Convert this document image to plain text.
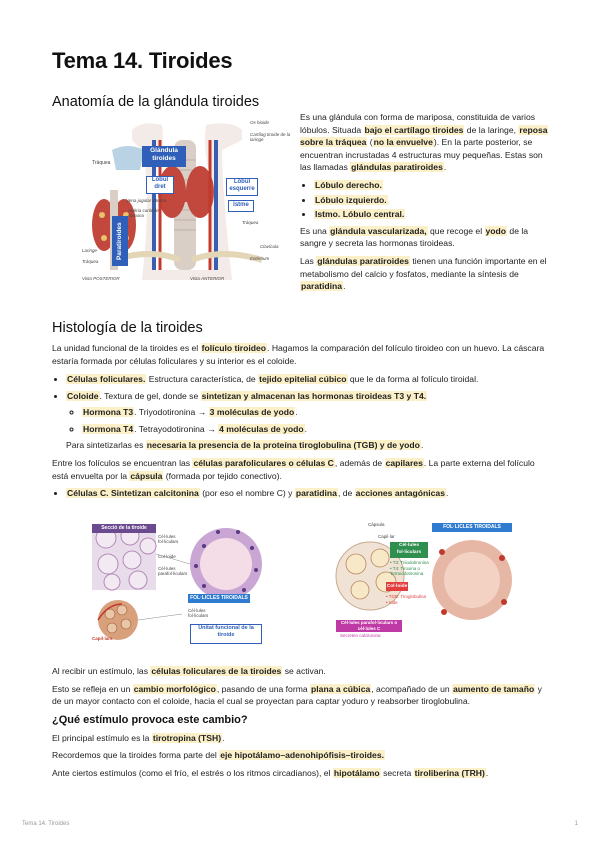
Tema 14. Tiroides
Anatomía de la glándula tiroides
Glándula tiroides
Lòbul dret
Lòbul esquerre
Istme
Paratiroides
Tràquea
Os hioide
Cartílag tiroide de la laringe
Vena jugular interna
Artèria caròtide comuna
Tràquea
Clavícula
Estèrnum
Laringe
Tràquea
Vista POSTERIOR	Vista ANTERIOR

Es una glándula con forma de mariposa, constituida de varios lóbulos. Situada bajo el cartílago tiroides de la laringe, reposa sobre la tráquea (no la envuelve). En la parte posterior, se encuentran incrustadas 4 estructuras muy pequeñas. Estas son las llamadas glándulas paratiroides.

• Lóbulo derecho.
• Lóbulo izquierdo.
• Istmo. Lóbulo central.

Es una glándula vascularizada, que recoge el yodo de la sangre y secreta las hormonas tiroideas.

Las glándulas paratiroides tienen una función importante en el metabolismo del calcio y fosfatos, mediante la síntesis de paratidina.

Histología de la tiroides

La unidad funcional de la tiroides es el folículo tiroideo. Hagamos la comparación del folículo tiroideo con un huevo. La cáscara estaría formada por células foliculares y su interior es el coloide.

• Células foliculares. Estructura característica, de tejido epitelial cúbico que le da forma al folículo tiroidal.
• Coloide. Textura de gel, donde se sintetizan y almacenan las hormonas tiroideas T3 y T4.
◦ Hormona T3. Triyodotironina → 3 moléculas de yodo.
◦ Hormona T4. Tetrayodotironina → 4 moléculas de yodo.

Para sintetizarlas es necesaria la presencia de la proteína tiroglobulina (TGB) y de yodo.

Entre los folículos se encuentran las células parafoliculares o células C, además de capilares. La parte externa del folículo está envuelta por la cápsula (formada por tejido conectivo).

• Células C. Sintetizan calcitonina (por eso el nombre C) y paratidina, de acciones antagónicas.
Secció de la tiroide
Cèl·lules fol·liculars
Col·loide
Cèl·lules parafol·liculars
FOL·LICLES TIROIDALS
Cèl·lules fol·liculars
Capil·lars
Unitat funcional de la tiroide
Càpsula
Capil·lar
FOL·LICLES TIROIDALS
Cèl·lules fol·liculars
• T3: Triiodotironina
• T4: Tiroxina o Tetraiodotironina
Col·loide
• TGB: Tiroglobulina
• Iode
Cèl·lules parafol·liculars o cèl·lules C
Secreten calcitonina

Al recibir un estímulo, las células foliculares de la tiroides se activan.

Esto se refleja en un cambio morfológico, pasando de una forma plana a cúbica, acompañado de un aumento de tamaño y de un mayor contacto con el coloide, hacia el cual se proyectan para captar yoduro y reabsorber tiroglobulina.

¿Qué estímulo provoca este cambio?

El principal estímulo es la tirotropina (TSH).

Recordemos que la tiroides forma parte del eje hipotálamo–adenohipófisis–tiroides.

Ante ciertos estímulos (como el frío, el estrés o los ritmos circadianos), el hipotálamo secreta tiroliberina (TRH).

Tema 14. Tiroides	1
